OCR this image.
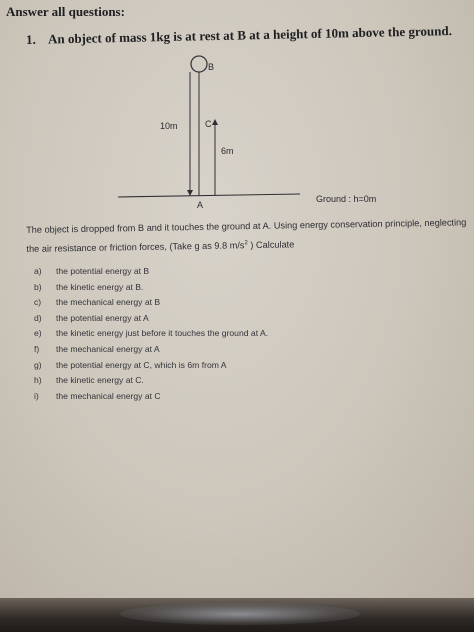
Answer all questions:
1. An object of mass 1kg is at rest at B at a height of 10m above the ground.
B
10m	C
6m
A
Ground : h=0m
The object is dropped from B and it touches the ground at A. Using energy conservation principle, neglecting the air resistance or friction forces, (Take g as 9.8 $m/s^2$ ) Calculate
a) the potential energy at B
b) the kinetic energy at B.
c) the mechanical energy at B
d) the potential energy at A
e) the kinetic energy just before it touches the ground at A.
f) the mechanical energy at A
g) the potential energy at C, which is 6m from A
h) the kinetic energy at C.
i) the mechanical energy at C
